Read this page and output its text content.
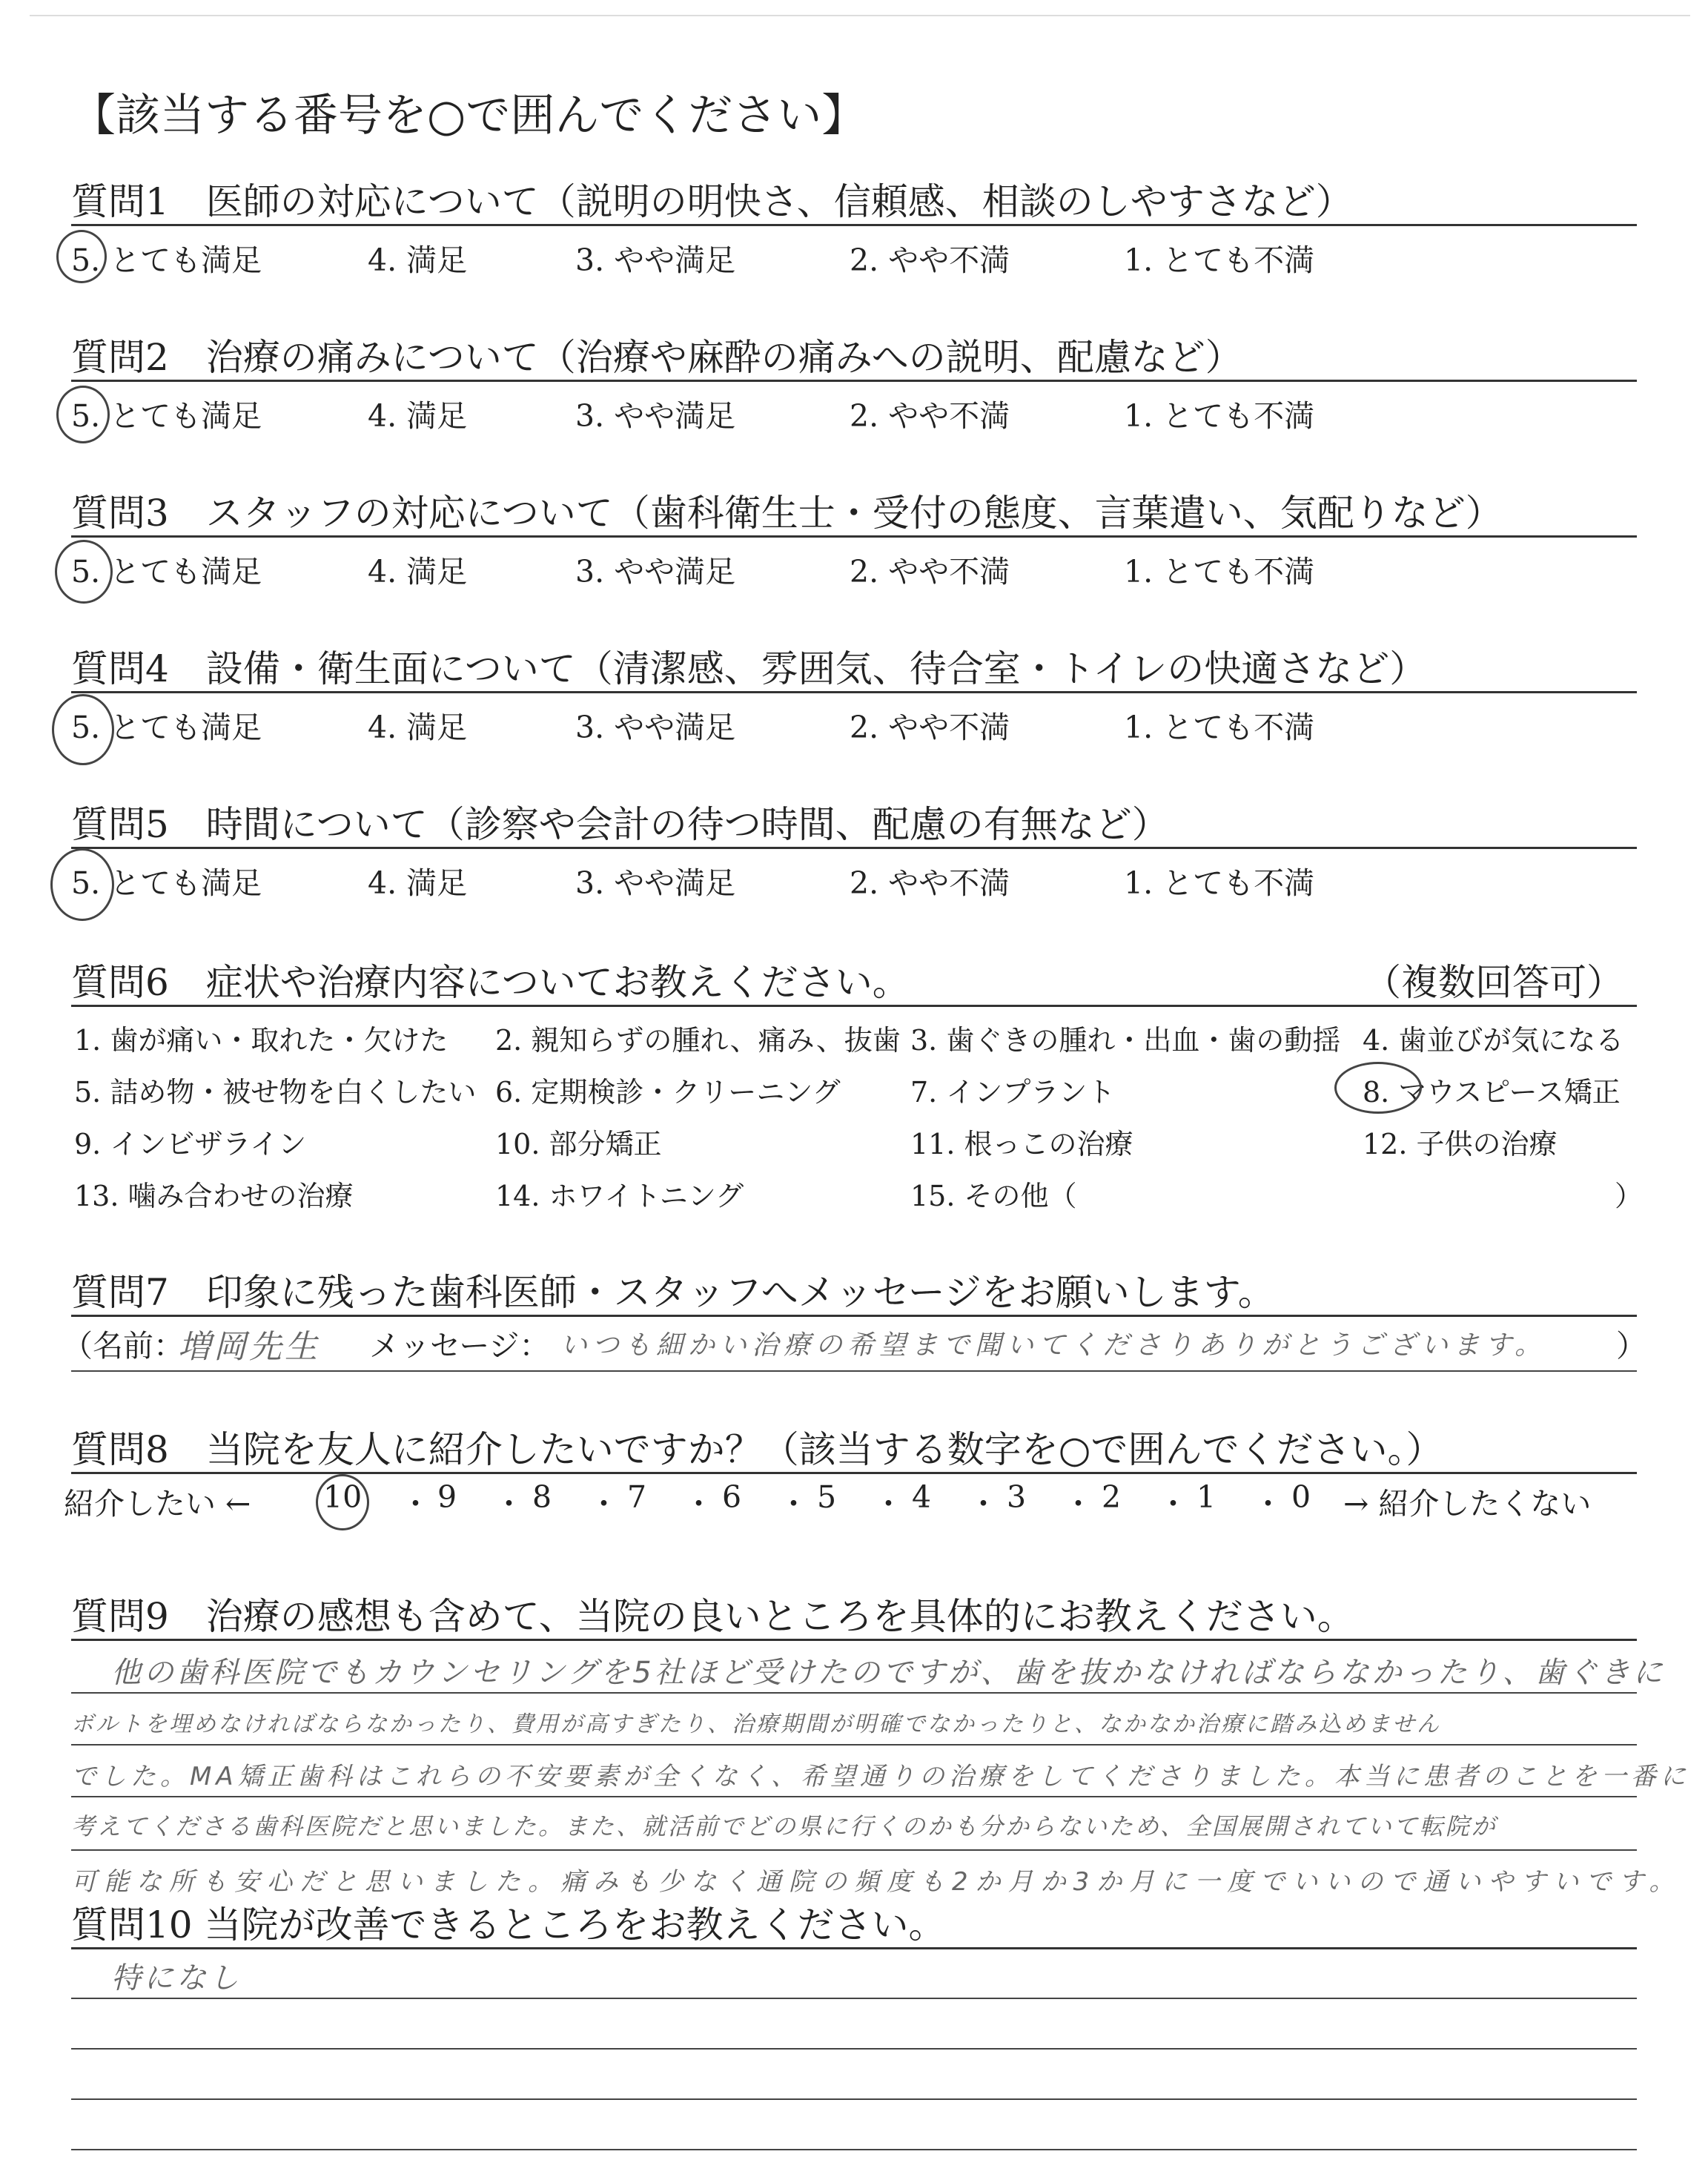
【該当する番号を○で囲んでください】
質問1　医師の対応について（説明の明快さ、信頼感、相談のしやすさなど）
5. とても満足	4. 満足	3. やや満足	2. やや不満	1. とても不満
質問2　治療の痛みについて（治療や麻酔の痛みへの説明、配慮など）
5. とても満足	4. 満足	3. やや満足	2. やや不満	1. とても不満
質問3　スタッフの対応について（歯科衛生士・受付の態度、言葉遣い、気配りなど）
5. とても満足	4. 満足	3. やや満足	2. やや不満	1. とても不満
質問4　設備・衛生面について（清潔感、雰囲気、待合室・トイレの快適さなど）
5. とても満足	4. 満足	3. やや満足	2. やや不満	1. とても不満
質問5　時間について（診察や会計の待つ時間、配慮の有無など）
5. とても満足	4. 満足	3. やや満足	2. やや不満	1. とても不満
質問6　症状や治療内容についてお教えください。	（複数回答可）
1. 歯が痛い・取れた・欠けた 2. 親知らずの腫れ、痛み、抜歯 3. 歯ぐきの腫れ・出血・歯の動揺 4. 歯並びが気になる
5. 詰め物・被せ物を白くしたい 6. 定期検診・クリーニング 7. インプラント	8. マウスピース矯正
9. インビザライン	10. 部分矯正	11. 根っこの治療	12. 子供の治療
13. 噛み合わせの治療	14. ホワイトニング	15. その他（	）
質問7　印象に残った歯科医師・スタッフへメッセージをお願いします。
（名前：
増岡先生 メッセージ： いつも細かい治療の希望まで聞いてくださりありがとうございます。 ）
質問8　当院を友人に紹介したいですか？（該当する数字を○で囲んでください。）
紹介したい ← 10 ・ 9 ・ 8 ・ 7 ・ 6 ・ 5 ・ 4 ・ 3 ・ 2 ・ 1 ・ 0 → 紹介したくない
質問9　治療の感想も含めて、当院の良いところを具体的にお教えください。
他の歯科医院でもカウンセリングを5社ほど受けたのですが、歯を抜かなければならなかったり、歯ぐきに
ボルトを埋めなければならなかったり、費用が高すぎたり、治療期間が明確でなかったりと、なかなか治療に踏み込めません
でした。MA矯正歯科はこれらの不安要素が全くなく、希望通りの治療をしてくださりました。本当に患者のことを一番に
考えてくださる歯科医院だと思いました。また、就活前でどの県に行くのかも分からないため、全国展開されていて転院が
可能な所も安心だと思いました。痛みも少なく通院の頻度も2か月か3か月に一度でいいので通いやすいです。
質問10 当院が改善できるところをお教えください。
特になし
